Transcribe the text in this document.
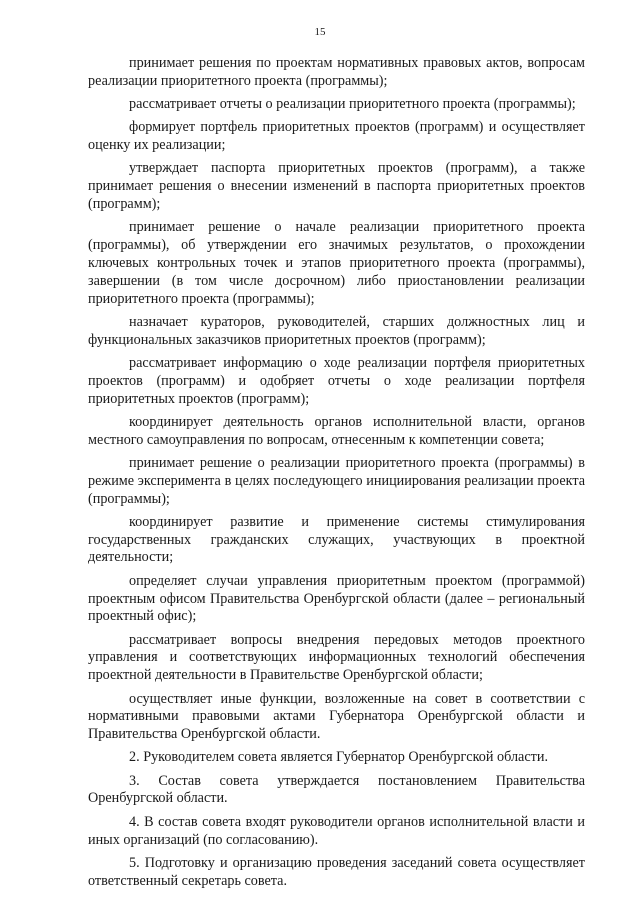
15

принимает решения по проектам нормативных правовых актов, вопросам реализации приоритетного проекта (программы);

рассматривает отчеты о реализации приоритетного проекта (программы);

формирует портфель приоритетных проектов (программ) и осуществляет оценку их реализации;

утверждает паспорта приоритетных проектов (программ), а также принимает решения о внесении изменений в паспорта приоритетных проектов (программ);

принимает решение о начале реализации приоритетного проекта (программы), об утверждении его значимых результатов, о прохождении ключевых контрольных точек и этапов приоритетного проекта (программы), завершении (в том числе досрочном) либо приостановлении реализации приоритетного проекта (программы);

назначает кураторов, руководителей, старших должностных лиц и функциональных заказчиков приоритетных проектов (программ);

рассматривает информацию о ходе реализации портфеля приоритетных проектов (программ) и одобряет отчеты о ходе реализации портфеля приоритетных проектов (программ);

координирует деятельность органов исполнительной власти, органов местного самоуправления по вопросам, отнесенным к компетенции совета;

принимает решение о реализации приоритетного проекта (программы) в режиме эксперимента в целях последующего инициирования реализации проекта (программы);

координирует развитие и применение системы стимулирования государственных гражданских служащих, участвующих в проектной деятельности;

определяет случаи управления приоритетным проектом (программой) проектным офисом Правительства Оренбургской области (далее – региональный проектный офис);

рассматривает вопросы внедрения передовых методов проектного управления и соответствующих информационных технологий обеспечения проектной деятельности в Правительстве Оренбургской области;

осуществляет иные функции, возложенные на совет в соответствии с нормативными правовыми актами Губернатора Оренбургской области и Правительства Оренбургской области.

2. Руководителем совета является Губернатор Оренбургской области.

3. Состав совета утверждается постановлением Правительства Оренбургской области.

4. В состав совета входят руководители органов исполнительной власти и иных организаций (по согласованию).

5. Подготовку и организацию проведения заседаний совета осуществляет ответственный секретарь совета.
